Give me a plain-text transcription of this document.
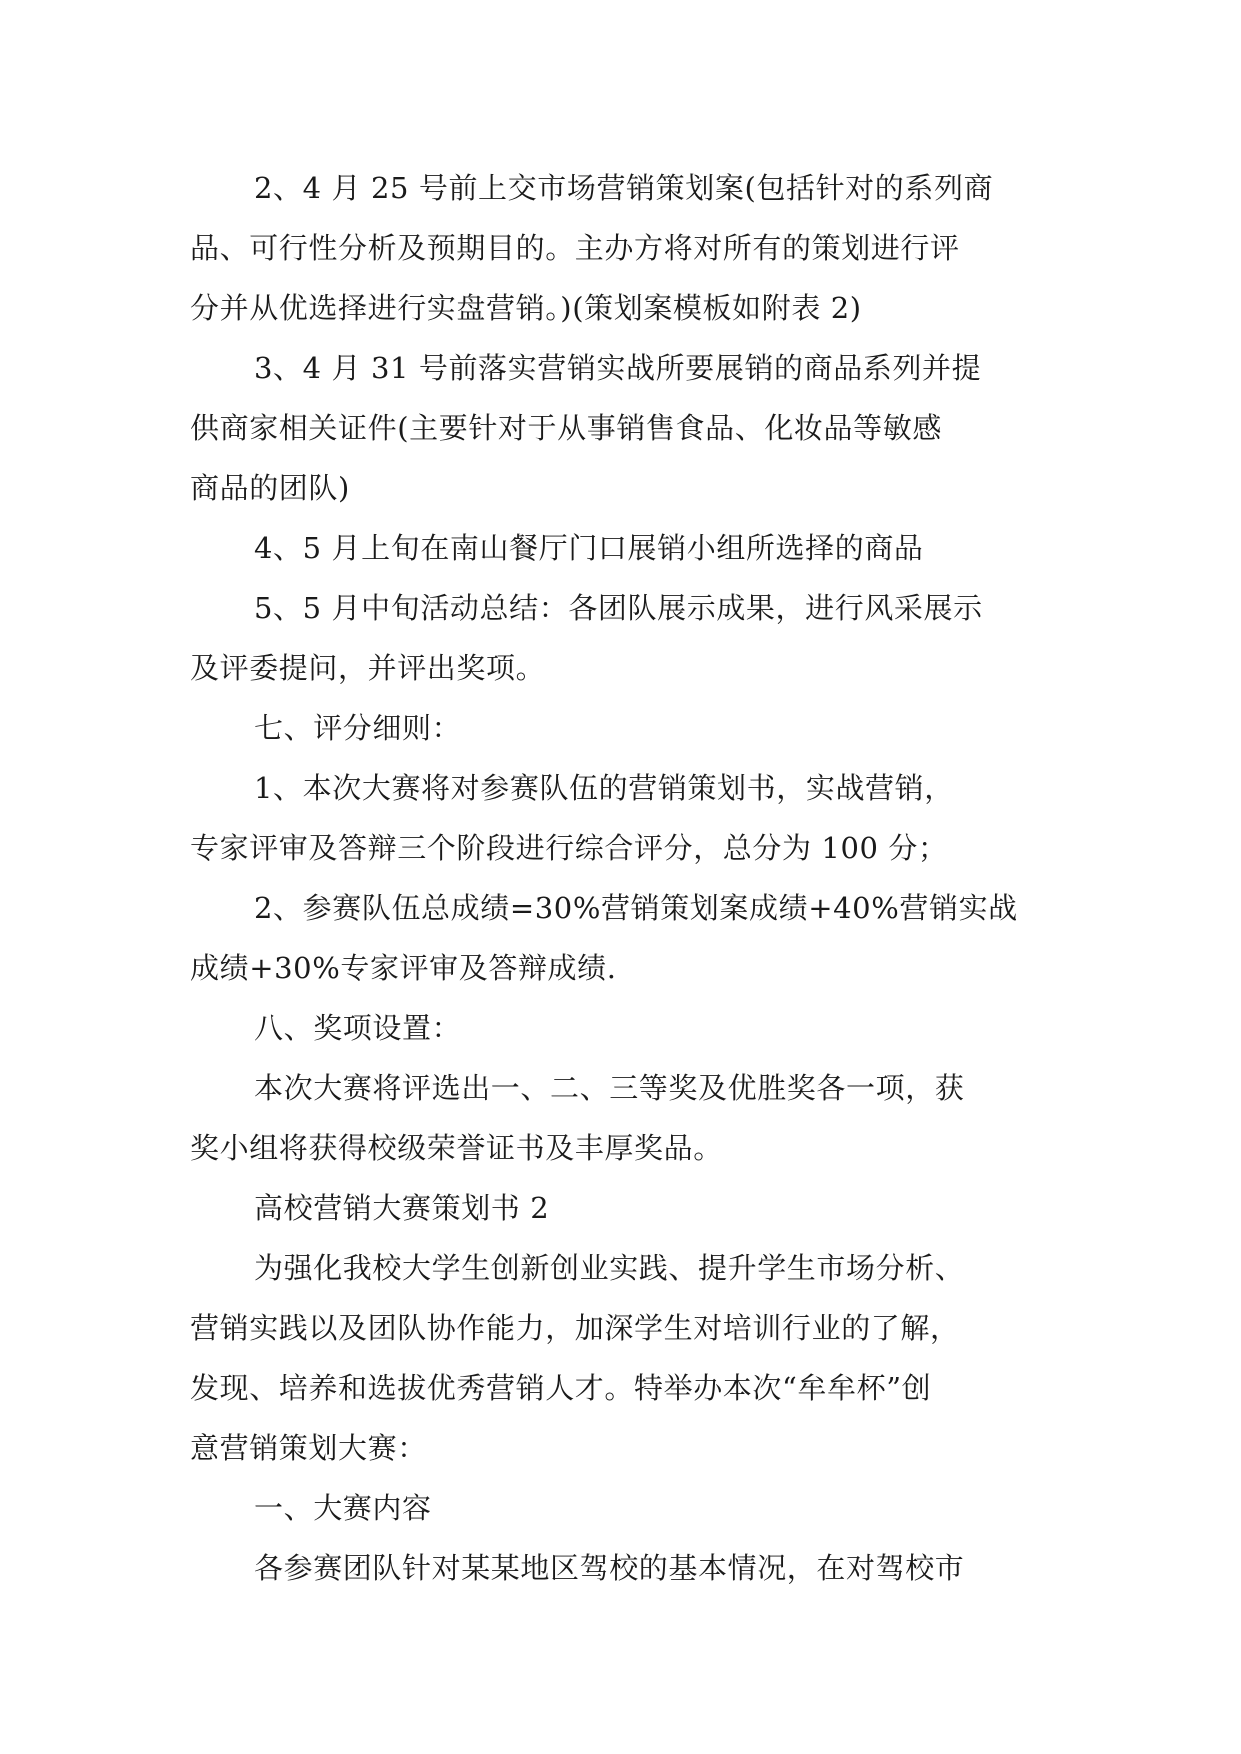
2、4 月 25 号前上交市场营销策划案(包括针对的系列商
品、可行性分析及预期目的。主办方将对所有的策划进行评
分并从优选择进行实盘营销。)(策划案模板如附表 2)
3、4 月 31 号前落实营销实战所要展销的商品系列并提
供商家相关证件(主要针对于从事销售食品、化妆品等敏感
商品的团队)
4、5 月上旬在南山餐厅门口展销小组所选择的商品
5、5 月中旬活动总结：各团队展示成果，进行风采展示
及评委提问，并评出奖项。
七、评分细则：
1、本次大赛将对参赛队伍的营销策划书，实战营销，
专家评审及答辩三个阶段进行综合评分，总分为 100 分；
2、参赛队伍总成绩=30%营销策划案成绩+40%营销实战
成绩+30%专家评审及答辩成绩.
八、奖项设置：
本次大赛将评选出一、二、三等奖及优胜奖各一项，获
奖小组将获得校级荣誉证书及丰厚奖品。
高校营销大赛策划书 2
为强化我校大学生创新创业实践、提升学生市场分析、
营销实践以及团队协作能力，加深学生对培训行业的了解，
发现、培养和选拔优秀营销人才。特举办本次“牟牟杯”创
意营销策划大赛：
一、大赛内容
各参赛团队针对某某地区驾校的基本情况，在对驾校市
